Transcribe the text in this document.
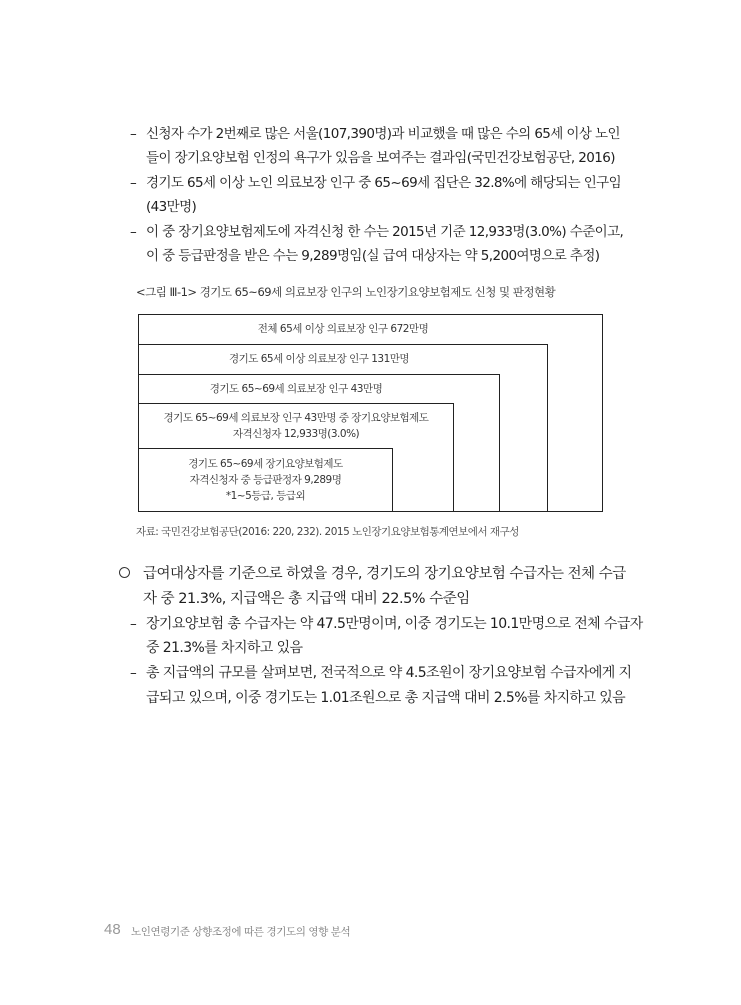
– 신청자 수가 2번째로 많은 서울(107,390명)과 비교했을 때 많은 수의 65세 이상 노인
들이 장기요양보험 인정의 욕구가 있음을 보여주는 결과임(국민건강보험공단, 2016)
– 경기도 65세 이상 노인 의료보장 인구 중 65~69세 집단은 32.8%에 해당되는 인구임
(43만명)
– 이 중 장기요양보험제도에 자격신청 한 수는 2015년 기준 12,933명(3.0%) 수준이고,
이 중 등급판정을 받은 수는 9,289명임(실 급여 대상자는 약 5,200여명으로 추정)
<그림 Ⅲ-1> 경기도 65~69세 의료보장 인구의 노인장기요양보험제도 신청 및 판정현황
전체 65세 이상 의료보장 인구 672만명
경기도 65세 이상 의료보장 인구 131만명
경기도 65~69세 의료보장 인구 43만명
경기도 65~69세 의료보장 인구 43만명 중 장기요양보험제도
자격신청자 12,933명(3.0%)
경기도 65~69세 장기요양보험제도
자격신청자 중 등급판정자 9,289명
*1~5등급, 등급외
자료: 국민건강보험공단(2016: 220, 232). 2015 노인장기요양보험통계연보에서 재구성
급여대상자를 기준으로 하였을 경우, 경기도의 장기요양보험 수급자는 전체 수급
자 중 21.3%, 지급액은 총 지급액 대비 22.5% 수준임
– 장기요양보험 총 수급자는 약 47.5만명이며, 이중 경기도는 10.1만명으로 전체 수급자
중 21.3%를 차지하고 있음
– 총 지급액의 규모를 살펴보면, 전국적으로 약 4.5조원이 장기요양보험 수급자에게 지
급되고 있으며, 이중 경기도는 1.01조원으로 총 지급액 대비 2.5%를 차지하고 있음
48 노인연령기준 상향조정에 따른 경기도의 영향 분석
